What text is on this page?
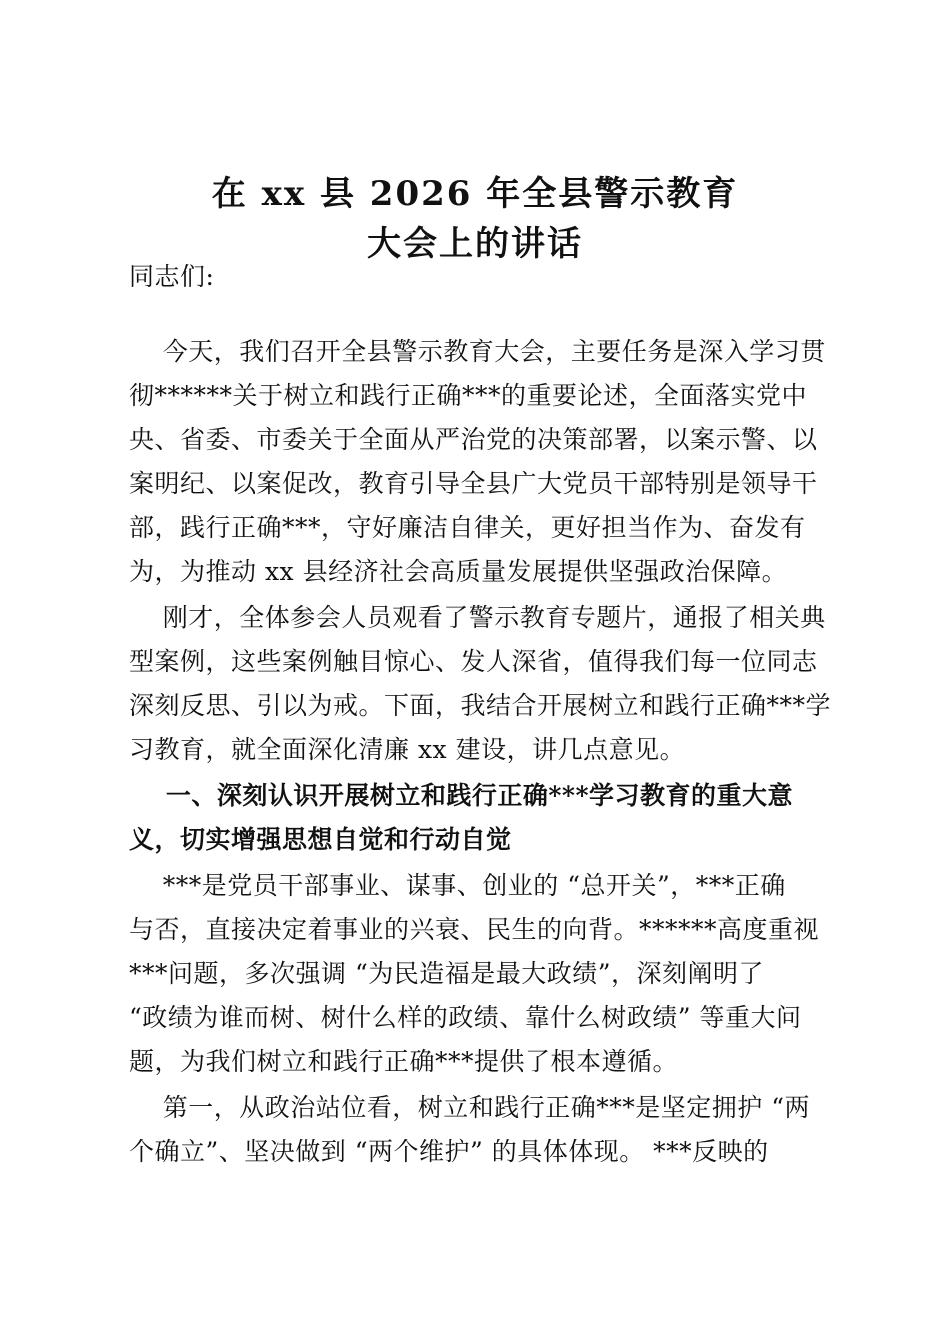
在 xx 县 2026 年全县警示教育
大会上的讲话
同志们:
今天，我们召开全县警示教育大会，主要任务是深入学习贯
彻******关于树立和践行正确***的重要论述，全面落实党中
央、省委、市委关于全面从严治党的决策部署，以案示警、以
案明纪、以案促改，教育引导全县广大党员干部特别是领导干
部，践行正确***，守好廉洁自律关，更好担当作为、奋发有
为，为推动 xx 县经济社会高质量发展提供坚强政治保障。
刚才，全体参会人员观看了警示教育专题片，通报了相关典
型案例，这些案例触目惊心、发人深省，值得我们每一位同志
深刻反思、引以为戒。下面，我结合开展树立和践行正确***学
习教育，就全面深化清廉 xx 建设，讲几点意见。
一、深刻认识开展树立和践行正确***学习教育的重大意
义，切实增强思想自觉和行动自觉
***是党员干部事业、谋事、创业的 “总开关”，***正确
与否，直接决定着事业的兴衰、民生的向背。******高度重视
***问题，多次强调 “为民造福是最大政绩”，深刻阐明了
“政绩为谁而树、树什么样的政绩、靠什么树政绩” 等重大问
题，为我们树立和践行正确***提供了根本遵循。
第一，从政治站位看，树立和践行正确***是坚定拥护 “两
个确立”、坚决做到 “两个维护” 的具体体现。 ***反映的
